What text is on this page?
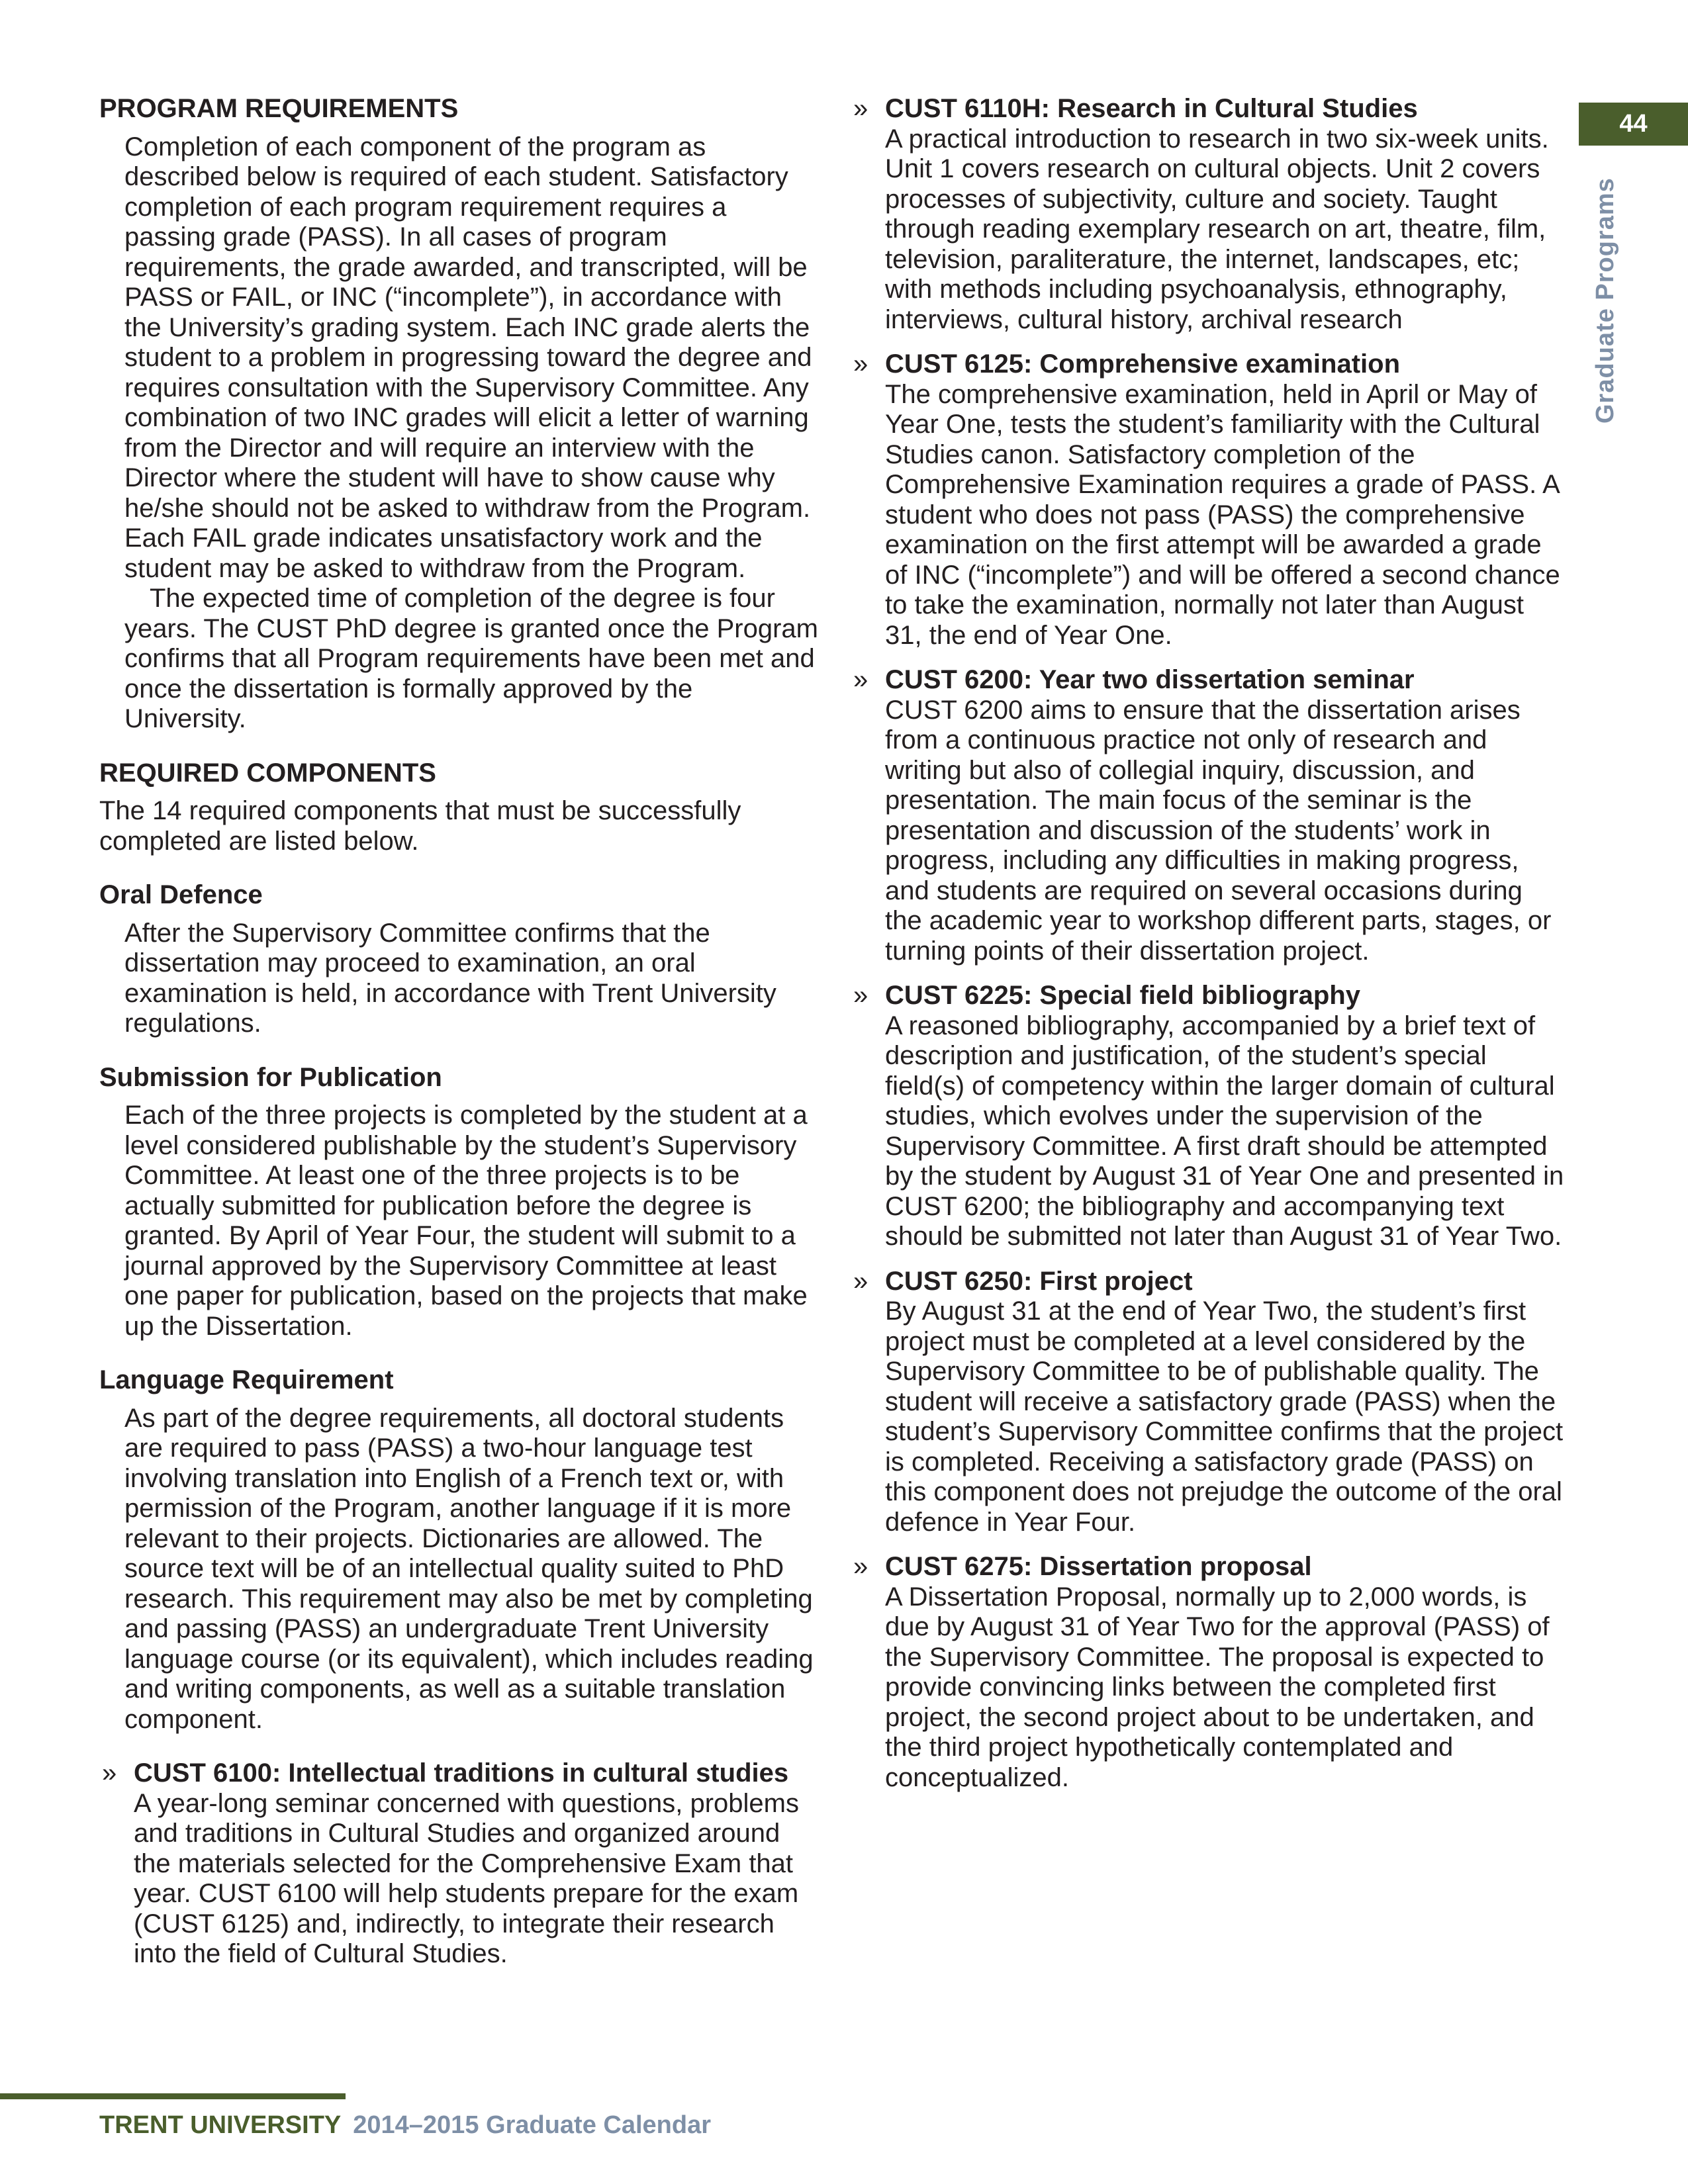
PROGRAM REQUIREMENTS

Completion of each component of the program as described below is required of each student. Satisfactory completion of each program requirement requires a passing grade (PASS). In all cases of program requirements, the grade awarded, and transcripted, will be PASS or FAIL, or INC (“incomplete”), in accordance with the University’s grading system. Each INC grade alerts the student to a problem in progressing toward the degree and requires consultation with the Supervisory Committee. Any combination of two INC grades will elicit a letter of warning from the Director and will require an interview with the Director where the student will have to show cause why he/she should not be asked to withdraw from the Program. Each FAIL grade indicates unsatisfactory work and the student may be asked to withdraw from the Program.

The expected time of completion of the degree is four years. The CUST PhD degree is granted once the Program confirms that all Program requirements have been met and once the dissertation is formally approved by the University.

REQUIRED COMPONENTS

The 14 required components that must be successfully completed are listed below.

Oral Defence

After the Supervisory Committee confirms that the dissertation may proceed to examination, an oral examination is held, in accordance with Trent University regulations.

Submission for Publication

Each of the three projects is completed by the student at a level considered publishable by the student’s Supervisory Committee. At least one of the three projects is to be actually submitted for publication before the degree is granted. By April of Year Four, the student will submit to a journal approved by the Supervisory Committee at least one paper for publication, based on the projects that make up the Dissertation.

Language Requirement

As part of the degree requirements, all doctoral students are required to pass (PASS) a two-hour language test involving translation into English of a French text or, with permission of the Program, another language if it is more relevant to their projects. Dictionaries are allowed. The source text will be of an intellectual quality suited to PhD research. This requirement may also be met by completing and passing (PASS) an undergraduate Trent University language course (or its equivalent), which includes reading and writing components, as well as a suitable translation component.

» CUST 6100: Intellectual traditions in cultural studies
A year-long seminar concerned with questions, problems and traditions in Cultural Studies and organized around the materials selected for the Comprehensive Exam that year. CUST 6100 will help students prepare for the exam (CUST 6125) and, indirectly, to integrate their research into the field of Cultural Studies.
» CUST 6110H: Research in Cultural Studies
A practical introduction to research in two six-week units. Unit 1 covers research on cultural objects. Unit 2 covers processes of subjectivity, culture and society. Taught through reading exemplary research on art, theatre, film, television, paraliterature, the internet, landscapes, etc; with methods including psychoanalysis, ethnography, interviews, cultural history, archival research
» CUST 6125: Comprehensive examination
The comprehensive examination, held in April or May of Year One, tests the student’s familiarity with the Cultural Studies canon. Satisfactory completion of the Comprehensive Examination requires a grade of PASS. A student who does not pass (PASS) the comprehensive examination on the first attempt will be awarded a grade of INC (“incomplete”) and will be offered a second chance to take the examination, normally not later than August 31, the end of Year One.
» CUST 6200: Year two dissertation seminar
CUST 6200 aims to ensure that the dissertation arises from a continuous practice not only of research and writing but also of collegial inquiry, discussion, and presentation. The main focus of the seminar is the presentation and discussion of the students’ work in progress, including any difficulties in making progress, and students are required on several occasions during the academic year to workshop different parts, stages, or turning points of their dissertation project.
» CUST 6225: Special field bibliography
A reasoned bibliography, accompanied by a brief text of description and justification, of the student’s special field(s) of competency within the larger domain of cultural studies, which evolves under the supervision of the Supervisory Committee. A first draft should be attempted by the student by August 31 of Year One and presented in CUST 6200; the bibliography and accompanying text should be submitted not later than August 31 of Year Two.
» CUST 6250: First project
By August 31 at the end of Year Two, the student’s first project must be completed at a level considered by the Supervisory Committee to be of publishable quality. The student will receive a satisfactory grade (PASS) when the student’s Supervisory Committee confirms that the project is completed. Receiving a satisfactory grade (PASS) on this component does not prejudge the outcome of the oral defence in Year Four.
» CUST 6275: Dissertation proposal
A Dissertation Proposal, normally up to 2,000 words, is due by August 31 of Year Two for the approval (PASS) of the Supervisory Committee. The proposal is expected to provide convincing links between the completed first project, the second project about to be undertaken, and the third project hypothetically contemplated and conceptualized.
44
Graduate Programs
TRENT UNIVERSITY 2014–2015 Graduate Calendar
